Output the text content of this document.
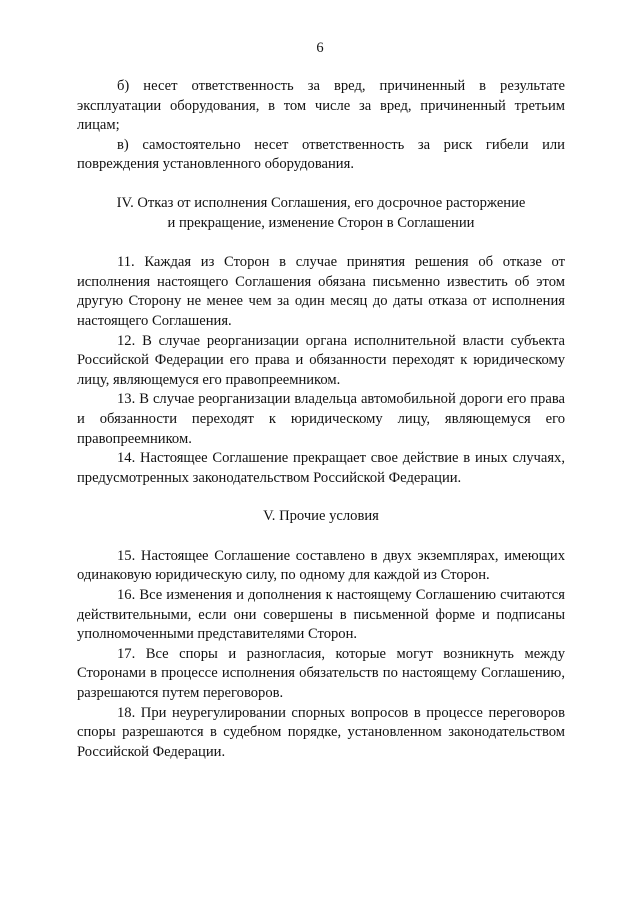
6

б) несет ответственность за вред, причиненный в результате эксплуатации оборудования, в том числе за вред, причиненный третьим лицам;

в) самостоятельно несет ответственность за риск гибели или повреждения установленного оборудования.

IV. Отказ от исполнения Соглашения, его досрочное расторжение

и прекращение, изменение Сторон в Соглашении

11. Каждая из Сторон в случае принятия решения об отказе от исполнения настоящего Соглашения обязана письменно известить об этом другую Сторону не менее чем за один месяц до даты отказа от исполнения настоящего Соглашения.

12. В случае реорганизации органа исполнительной власти субъекта Российской Федерации его права и обязанности переходят к юридическому лицу, являющемуся его правопреемником.

13. В случае реорганизации владельца автомобильной дороги его права и обязанности переходят к юридическому лицу, являющемуся его правопреемником.

14. Настоящее Соглашение прекращает свое действие в иных случаях, предусмотренных законодательством Российской Федерации.

V. Прочие условия

15. Настоящее Соглашение составлено в двух экземплярах, имеющих одинаковую юридическую силу, по одному для каждой из Сторон.

16. Все изменения и дополнения к настоящему Соглашению считаются действительными, если они совершены в письменной форме и подписаны уполномоченными представителями Сторон.

17. Все споры и разногласия, которые могут возникнуть между Сторонами в процессе исполнения обязательств по настоящему Соглашению, разрешаются путем переговоров.

18. При неурегулировании спорных вопросов в процессе переговоров споры разрешаются в судебном порядке, установленном законодательством Российской Федерации.
